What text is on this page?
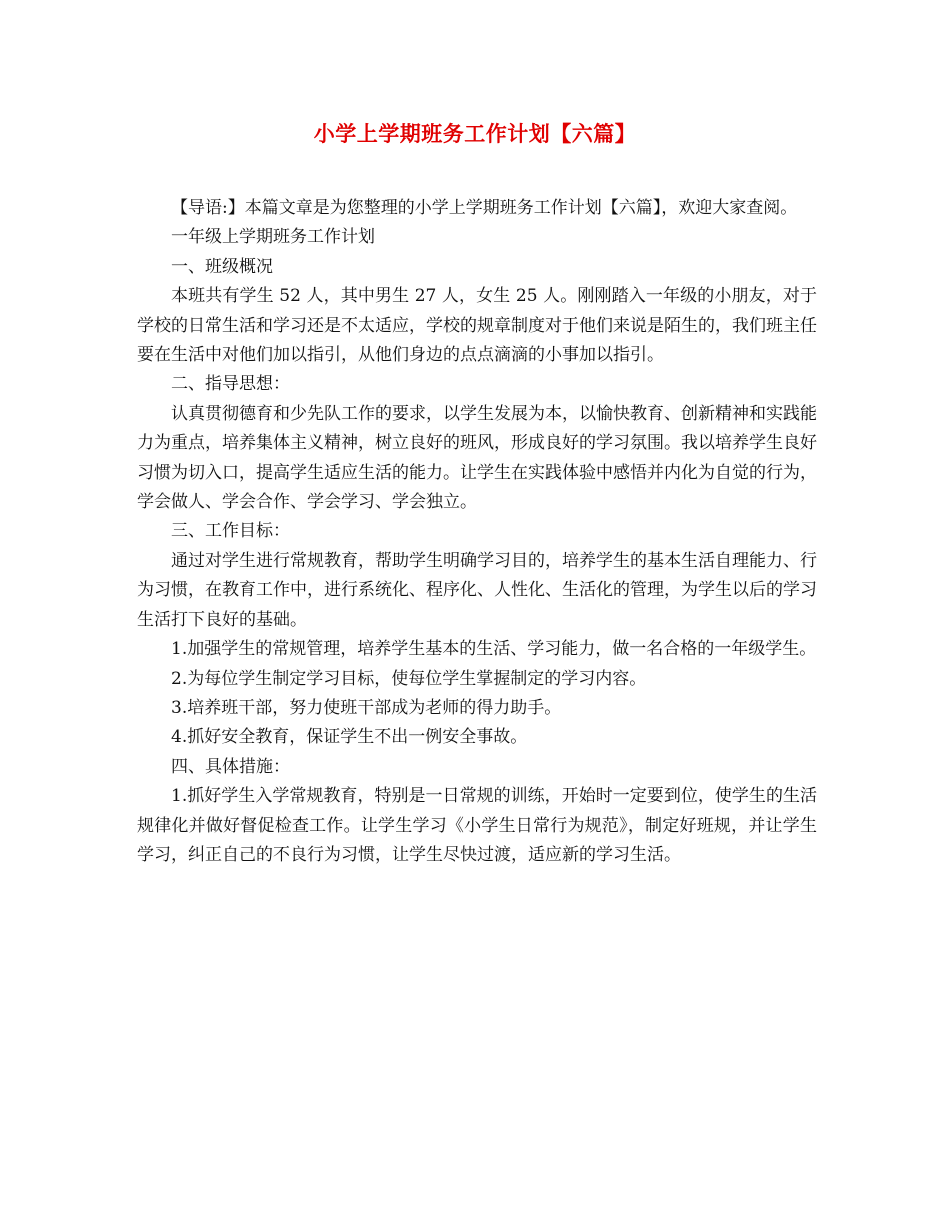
小学上学期班务工作计划【六篇】

【导语:】本篇文章是为您整理的小学上学期班务工作计划【六篇】，欢迎大家查阅。

一年级上学期班务工作计划

一、班级概况

本班共有学生 52 人，其中男生 27 人，女生 25 人。刚刚踏入一年级的小朋友，对于学校的日常生活和学习还是不太适应，学校的规章制度对于他们来说是陌生的，我们班主任要在生活中对他们加以指引，从他们身边的点点滴滴的小事加以指引。

二、指导思想：

认真贯彻德育和少先队工作的要求，以学生发展为本，以愉快教育、创新精神和实践能力为重点，培养集体主义精神，树立良好的班风，形成良好的学习氛围。我以培养学生良好习惯为切入口，提高学生适应生活的能力。让学生在实践体验中感悟并内化为自觉的行为，学会做人、学会合作、学会学习、学会独立。

三、工作目标：

通过对学生进行常规教育，帮助学生明确学习目的，培养学生的基本生活自理能力、行为习惯，在教育工作中，进行系统化、程序化、人性化、生活化的管理，为学生以后的学习生活打下良好的基础。

1.加强学生的常规管理，培养学生基本的生活、学习能力，做一名合格的一年级学生。

2.为每位学生制定学习目标，使每位学生掌握制定的学习内容。

3.培养班干部，努力使班干部成为老师的得力助手。

4.抓好安全教育，保证学生不出一例安全事故。

四、具体措施：

1.抓好学生入学常规教育，特别是一日常规的训练，开始时一定要到位，使学生的生活规律化并做好督促检查工作。让学生学习《小学生日常行为规范》，制定好班规，并让学生学习，纠正自己的不良行为习惯，让学生尽快过渡，适应新的学习生活。
